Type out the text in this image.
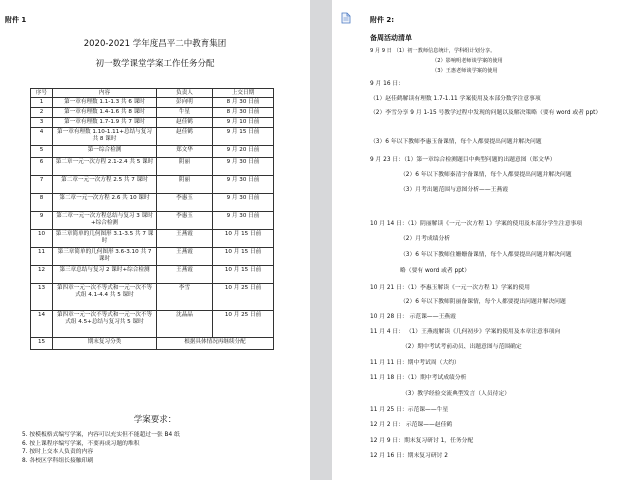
附件 1
2020-2021 学年度昌平二中教育集团
初一数学课堂学案工作任务分配
序号	内容	负责人	上交日期
1	第一章有理数 1.1-1.3 共 6 课时	彭向明	8 月 30 日前
2	第一章有理数 1.4-1.6 共 8 课时	牛星	8 月 30 日前
3	第一章有理数 1.7-1.9 共 7 课时	赵佳鹤	9 月 10 日前
4	第一章有理数 1.10-1.11+总结与复习共 8 课时	赵佳鹤	9 月 15 日前
5	第一综合检测	郑文华	9 月 20 日前
6	第二章一元一次方程 2.1-2.4 共 5 课时	阴丽	9 月 30 日前
7	第二章一元一次方程 2.5 共 7 课时	阴丽	9 月 30 日前
8	第二章一元一次方程 2.6 共 10 课时	李惠玉	9 月 30 日前
9	第二章一元一次方程总结与复习 3 课时+综合检测	李惠玉	9 月 30 日前
10	第三章简单的几何图形 3.1-3.5 共 7 课时	王燕霞	10 月 15 日前
11	第三章简单的几何图形 3.6-3.10 共 7 课时	王燕霞	10 月 15 日前
12	第三章总结与复习 2 课时+综合检测	王燕霞	10 月 15 日前
13	第四章一元一次不等式和一元一次不等式组 4.1-4.4 共 5 课时	李雪	10 月 25 日前
14	第四章一元一次不等式和一元一次不等式组 4.5+总结与复习共 5 课时	沈晶晶	10 月 25 日前
15	期末复习分类	根据具体情况再继续分配	
学案要求：
5. 按模板格式编写学案，内容可以充实但不能超过一张 B4 纸
6. 按上课程序编写学案，不要再成习题的堆积
7. 按时上交本人负责的内容
8. 各校区学科组长接触印刷
附件 2:
备周活动清单
9 月 9 日 （1）初一教师信息统计，学科组计划分享。
（2）影响明老师谈学案的使用
（3）王惠老师谈学案的使用
9 月 16 日：
（1）赵佳鹤解读有理数 1.7-1.11 学案使用及本部分数学注意事项
（2）李雪分享 9 月 1-15 号教学过程中发现的问题以及解决策略（要有 word 或者 ppt）
（3）6 年以下教师李惠玉备课情，每个人都要提出问题并解决问题
9 月 23 日：（1）第一章综合检测题目中典型问题的出题意图（郑文华）
（2）6 年以下教师秦清宇备课情，每个人都要提出问题并解决问题
（3）月考出题范围与意图分析——王燕霞
10 月 14 日：（1）阴丽解读《一元一次方程 1》学案的使用及本部分学生注意事项
（2）月考成绩分析
（3）6 年以下教师住姗姗备课情，每个人都要提出问题并解决问题
略（要有 word 或者 ppt）
10 月 21 日：（1）李惠玉解读《一元一次方程 1》学案的使用
（2）6 年以下教师阴丽备课情，每个人都要提出问题并解决问题
10 月 28 日： 示范课——王燕霞
11 月 4 日： （1）王燕霞解读《几何初步》学案的使用及本章注意事项向
（2）期中考试考前动员、出题意图与范围确定
11 月 11 日：期中考试周（大约）
11 月 18 日：（1）期中考试成绩分析
（3）教学经验交流典型发言（人员待定）
11 月 25 日：示范课——牛星
12 月 2 日： 示范课——赵佳鹤
12 月 9 日：期末复习研讨 1，任务分配
12 月 16 日：期末复习研讨 2
